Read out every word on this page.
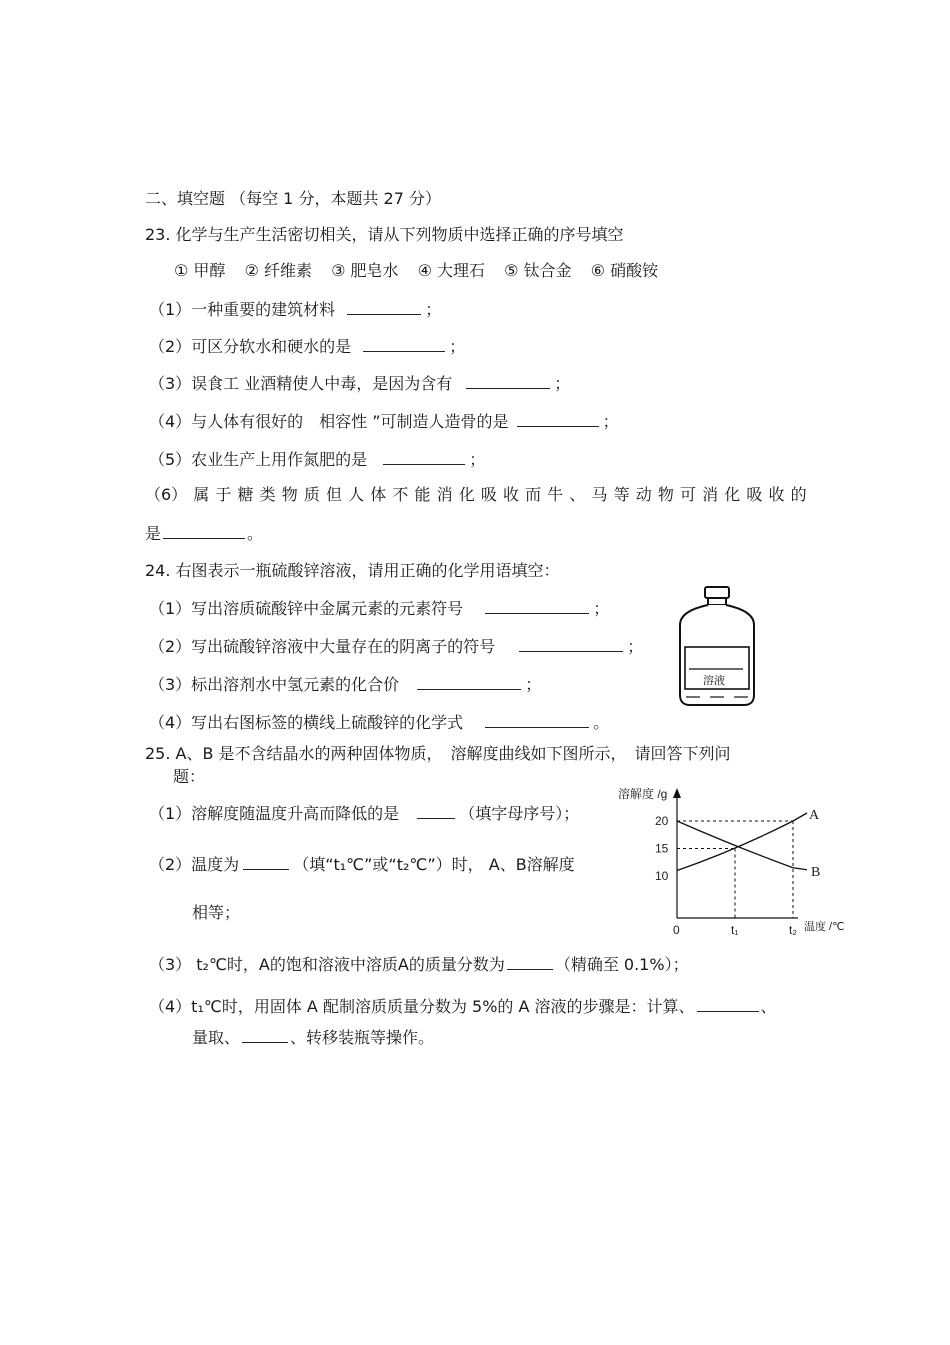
二、填空题 （每空 1 分，本题共 27 分）
23. 化学与生产生活密切相关，请从下列物质中选择正确的序号填空
① 甲醇 ② 纤维素 ③ 肥皂水 ④ 大理石 ⑤ 钛合金 ⑥ 硝酸铵
（1）一种重要的建筑材料	；
（2）可区分软水和硬水的是	；
（3）误食工 业酒精使人中毒，是因为含有	；
（4）与人体有很好的　相容性 ”可制造人造骨的是	；
（5）农业生产上用作氮肥的是	；
（6） 属 于 糖 类 物 质 但 人 体 不 能 消 化 吸 收 而 牛 、 马 等 动 物 可 消 化 吸 收 的
是	。
24. 右图表示一瓶硫酸锌溶液，请用正确的化学用语填空：
（1）写出溶质硫酸锌中金属元素的元素符号	；
（2）写出硫酸锌溶液中大量存在的阴离子的符号	；
（3）标出溶剂水中氢元素的化合价	；
（4）写出右图标签的横线上硫酸锌的化学式	。
溶液
25. A、B 是不含结晶水的两种固体物质，　溶解度曲线如下图所示，　请回答下列问
题：
（1）溶解度随温度升高而降低的是	（填字母序号）；
（2）温度为	（填“t₁℃”或“t₂℃”）时， A、B溶解度
相等；
（3） t₂℃时，A的饱和溶液中溶质A的质量分数为	（精确至 0.1%）；
（4）t₁℃时，用固体 A 配制溶质质量分数为 5%的 A 溶液的步骤是：计算、	、
量取、	、转移装瓶等操作。
溶解度 /g
温度 /℃
10
15
20
0	t₁	t₂
A
B
